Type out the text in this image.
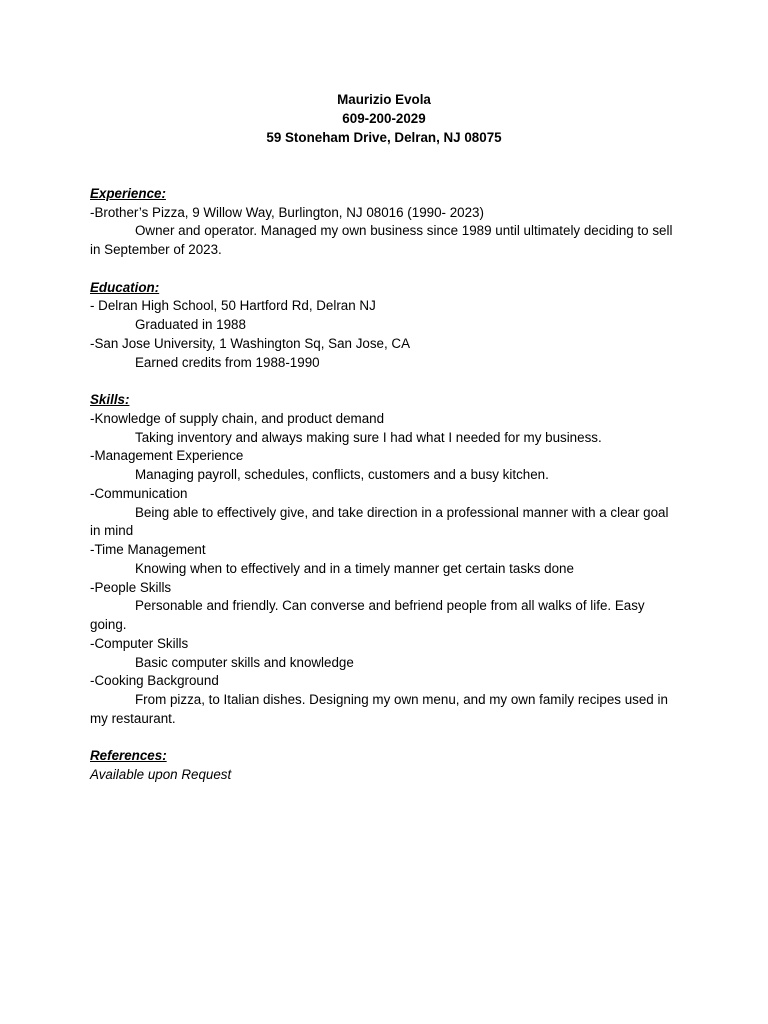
Maurizio Evola
609-200-2029
59 Stoneham Drive, Delran, NJ 08075
Experience:
-Brother’s Pizza, 9 Willow Way, Burlington, NJ 08016 (1990- 2023)

Owner and operator. Managed my own business since 1989 until ultimately deciding to sell in September of 2023.

Education:
- Delran High School, 50 Hartford Rd, Delran NJ

Graduated in 1988

-San Jose University, 1 Washington Sq, San Jose, CA

Earned credits from 1988-1990

Skills:
-Knowledge of supply chain, and product demand

Taking inventory and always making sure I had what I needed for my business.

-Management Experience

Managing payroll, schedules, conflicts, customers and a busy kitchen.

-Communication

Being able to effectively give, and take direction in a professional manner with a clear goal in mind

-Time Management

Knowing when to effectively and in a timely manner get certain tasks done

-People Skills

Personable and friendly. Can converse and befriend people from all walks of life. Easy going.

-Computer Skills

Basic computer skills and knowledge

-Cooking Background

From pizza, to Italian dishes. Designing my own menu, and my own family recipes used in my restaurant.

References:
Available upon Request
